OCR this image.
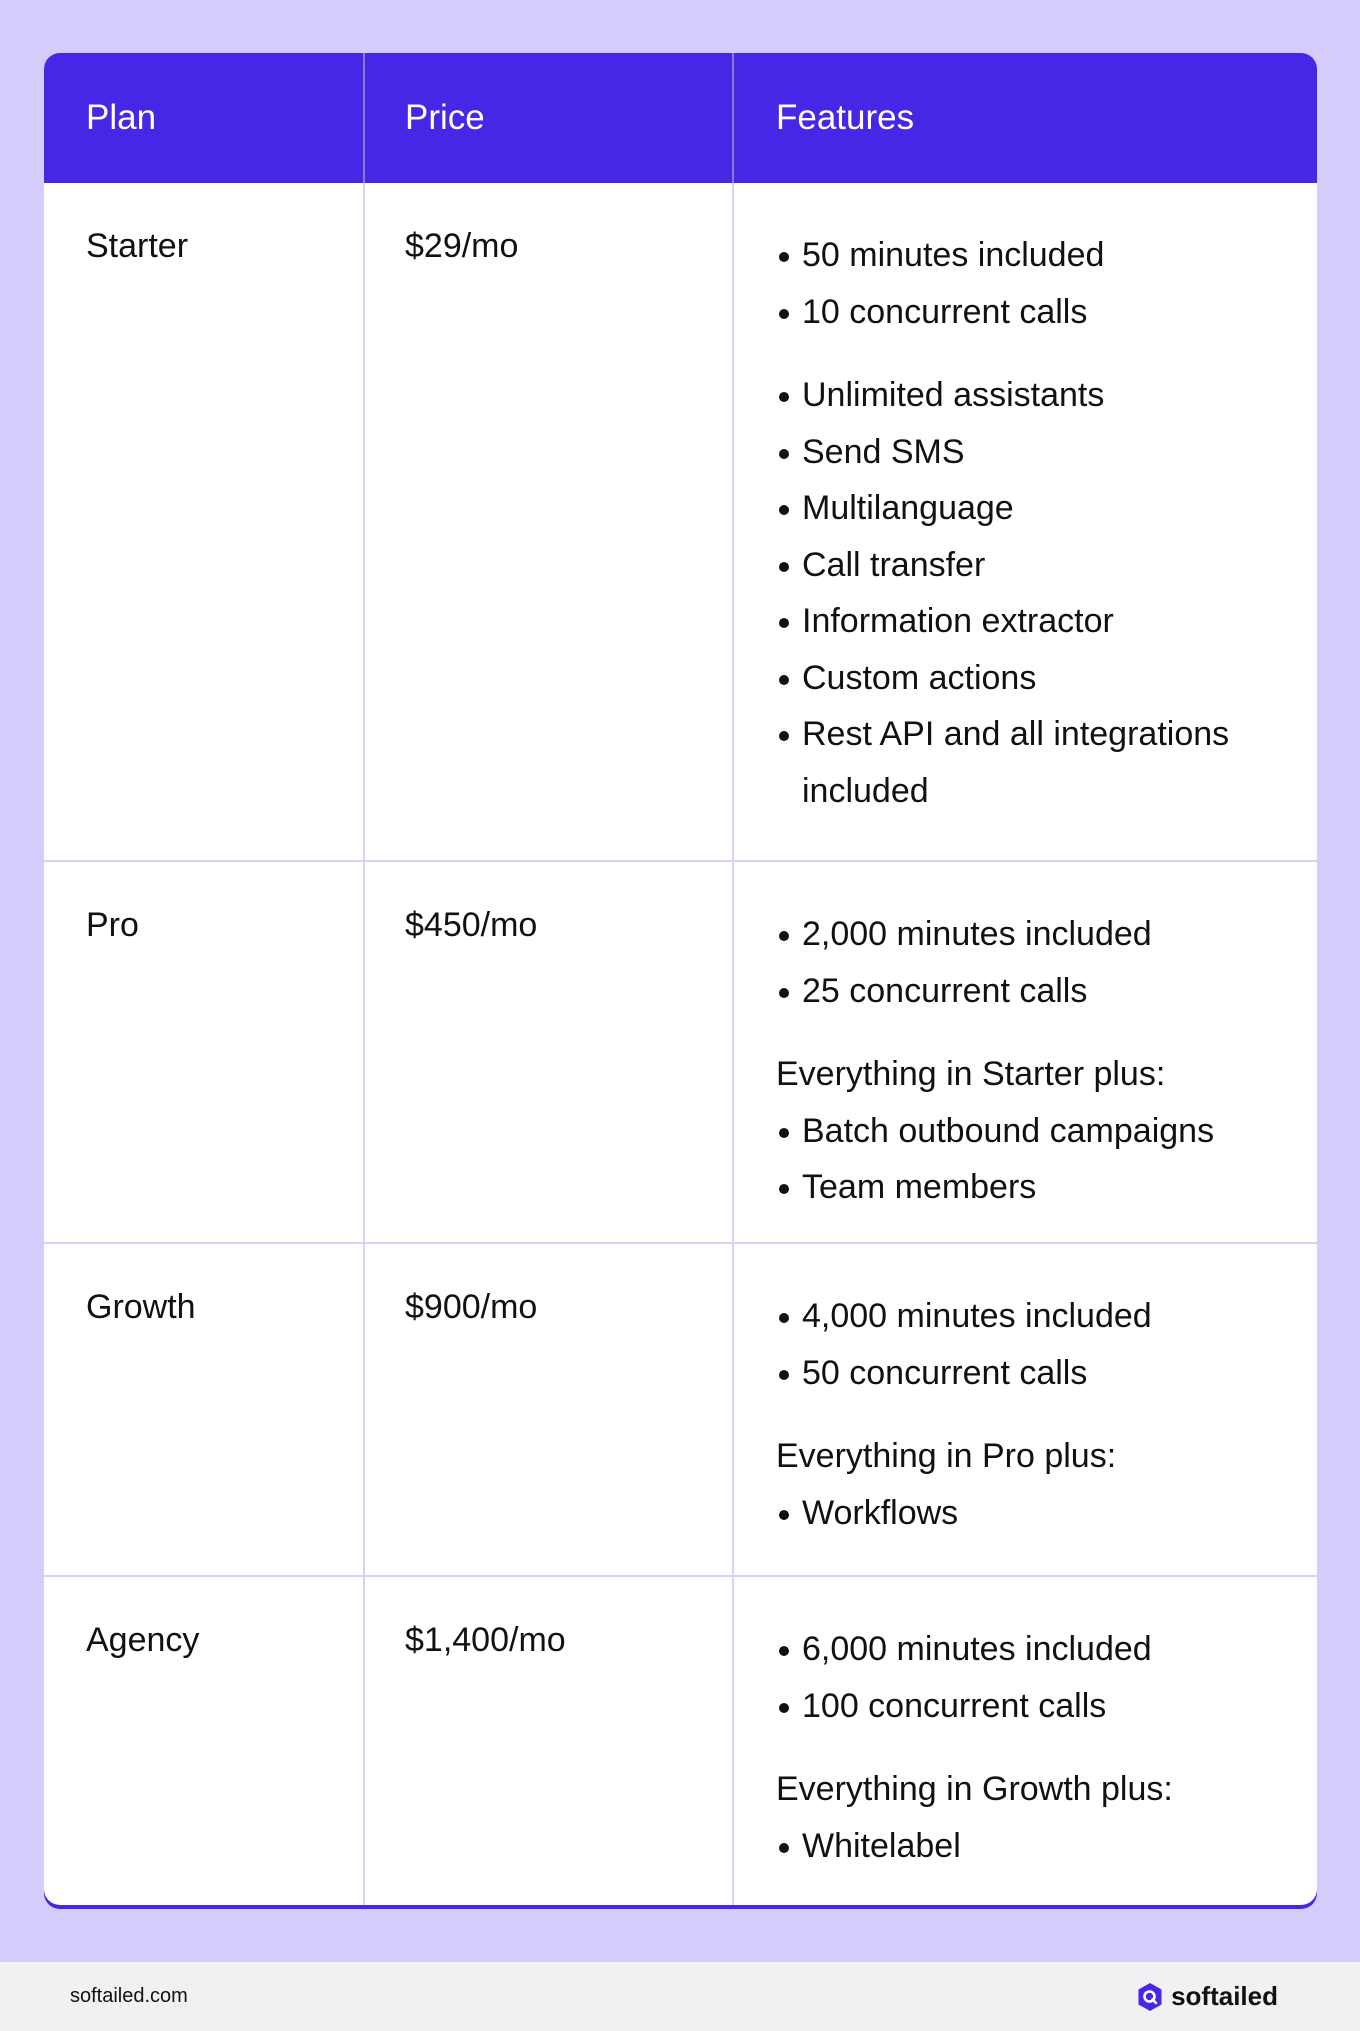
Plan	Price	Features
Starter	$29/mo	50 minutes included
10 concurrent calls
Unlimited assistants
Send SMS
Multilanguage
Call transfer
Information extractor
Custom actions
Rest API and all integrations included
Pro	$450/mo	2,000 minutes included
25 concurrent calls
Everything in Starter plus:
Batch outbound campaigns
Team members
Growth	$900/mo	4,000 minutes included
50 concurrent calls
Everything in Pro plus:
Workflows
Agency	$1,400/mo	6,000 minutes included
100 concurrent calls
Everything in Growth plus:
Whitelabel
softailed.com	softailed
